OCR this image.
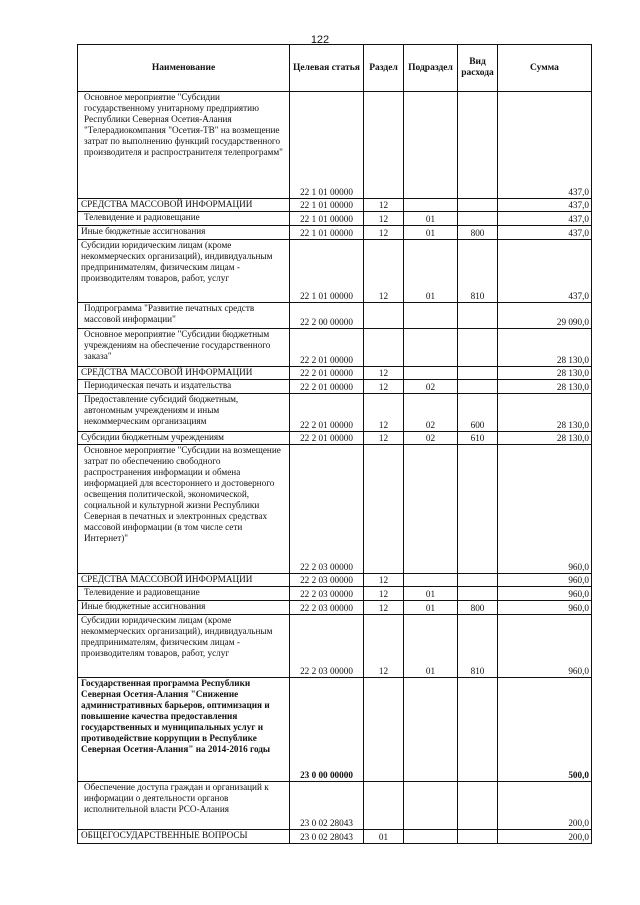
122
Наименование	Целевая статья	Раздел	Подраздел	Вид расхода	Сумма
Основное мероприятие "Субсидии государственному унитарному предприятию Республики Северная Осетия-Алания "Телерадиокомпания "Осетия-ТВ" на возмещение затрат по выполнению функций государственного производителя и распространителя телепрограмм"	22 1 01 00000				437,0
СРЕДСТВА МАССОВОЙ ИНФОРМАЦИИ	22 1 01 00000	12			437,0
Телевидение и радиовещание	22 1 01 00000	12	01		437,0
Иные бюджетные ассигнования	22 1 01 00000	12	01	800	437,0
Субсидии юридическим лицам (кроме некоммерческих организаций), индивидуальным предпринимателям, физическим лицам - производителям товаров, работ, услуг	22 1 01 00000	12	01	810	437,0
Подпрограмма "Развитие печатных средств массовой информации"	22 2 00 00000				29 090,0
Основное мероприятие "Субсидии бюджетным учреждениям на обеспечение государственного заказа"	22 2 01 00000				28 130,0
СРЕДСТВА МАССОВОЙ ИНФОРМАЦИИ	22 2 01 00000	12			28 130,0
Периодическая печать и издательства	22 2 01 00000	12	02		28 130,0
Предоставление субсидий бюджетным, автономным учреждениям и иным некоммерческим организациям	22 2 01 00000	12	02	600	28 130,0
Субсидии бюджетным учреждениям	22 2 01 00000	12	02	610	28 130,0
Основное мероприятие "Субсидии на возмещение затрат по обеспечению свободного распространения информации и обмена информацией для всестороннего и достоверного освещения политической, экономической, социальной и культурной жизни Республики Северная в печатных и электронных средствах массовой информации (в том числе сети Интернет)"	22 2 03 00000				960,0
СРЕДСТВА МАССОВОЙ ИНФОРМАЦИИ	22 2 03 00000	12			960,0
Телевидение и радиовещание	22 2 03 00000	12	01		960,0
Иные бюджетные ассигнования	22 2 03 00000	12	01	800	960,0
Субсидии юридическим лицам (кроме некоммерческих организаций), индивидуальным предпринимателям, физическим лицам - производителям товаров, работ, услуг	22 2 03 00000	12	01	810	960,0
Государственная программа Республики Северная Осетия-Алания "Снижение административных барьеров, оптимизация и повышение качества предоставления государственных и муниципальных услуг и противодействие коррупции в Республике Северная Осетия-Алания" на 2014-2016 годы	23 0 00 00000				500,0
Обеспечение доступа граждан и организаций к информации о деятельности органов исполнительной власти РСО-Алания	23 0 02 28043				200,0
ОБЩЕГОСУДАРСТВЕННЫЕ ВОПРОСЫ	23 0 02 28043	01			200,0
